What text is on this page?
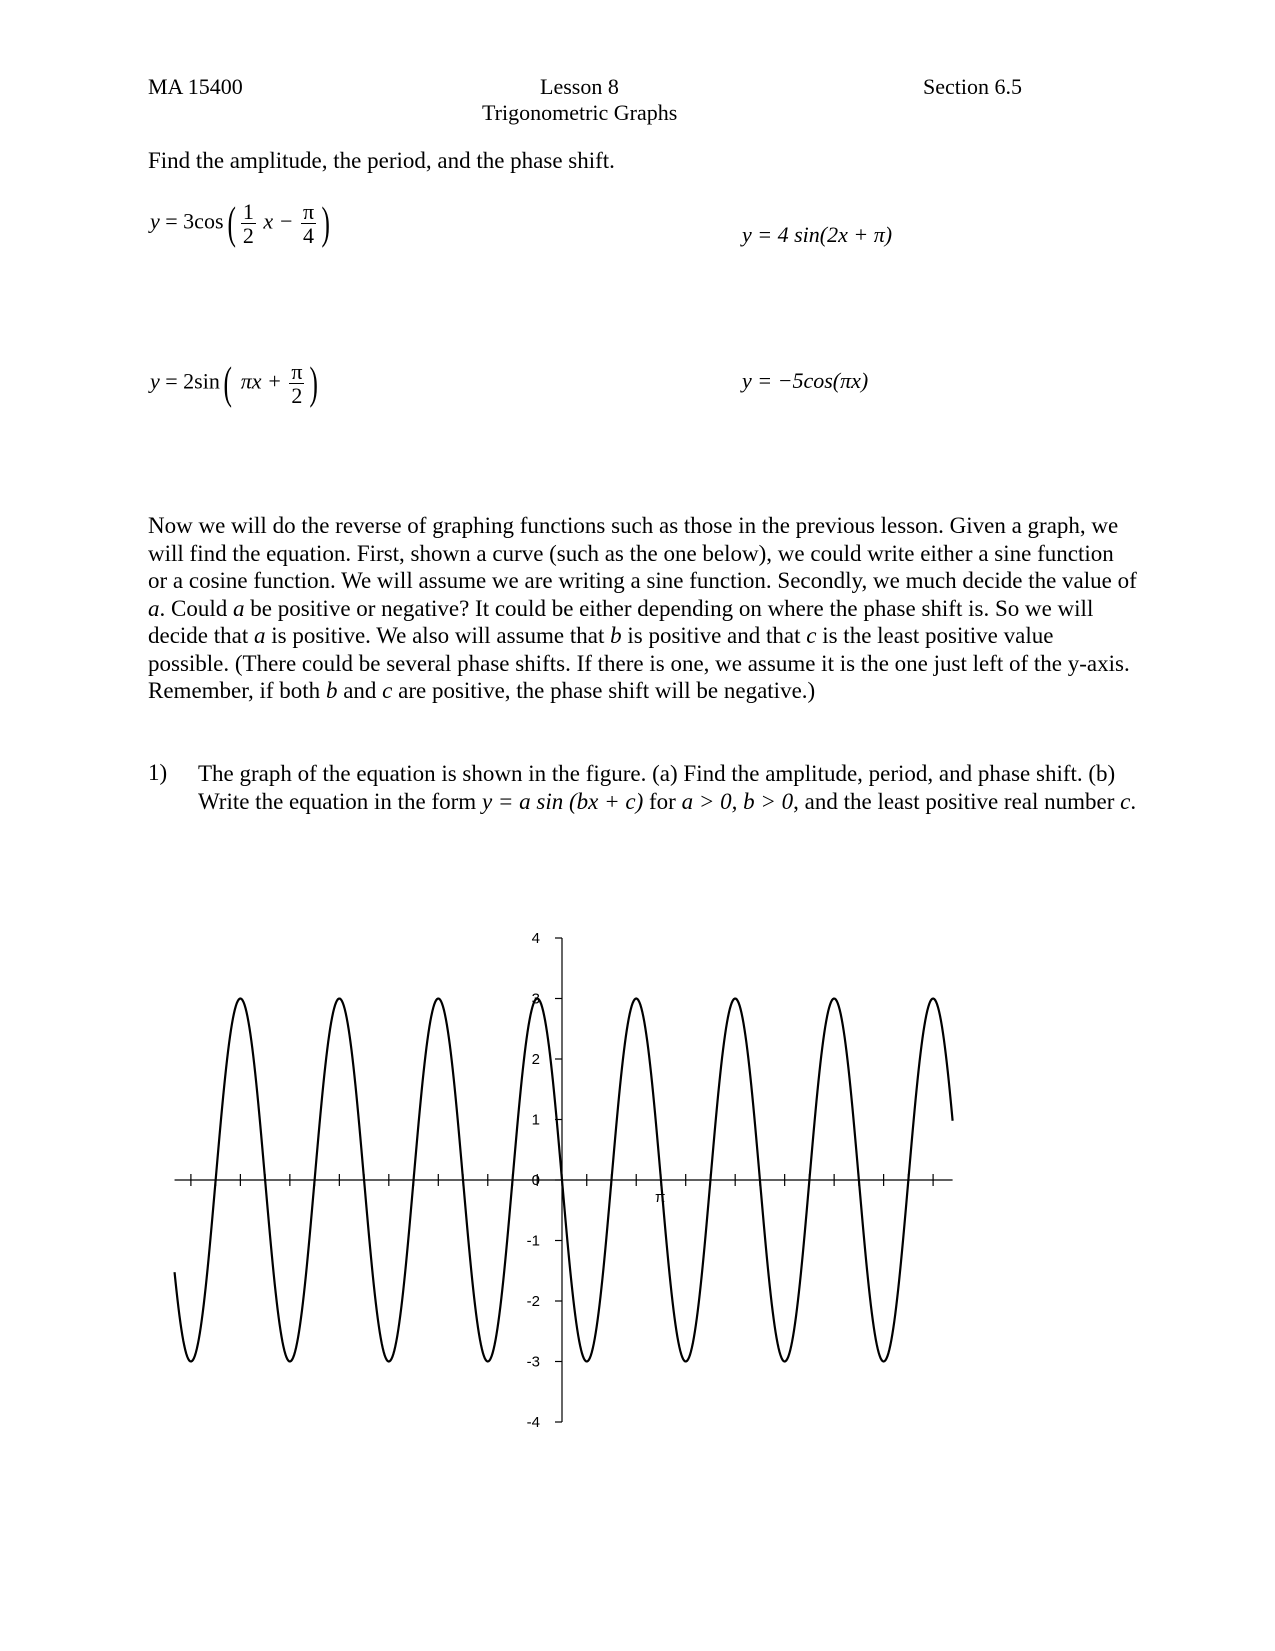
MA 15400	Lesson 8
Trigonometric Graphs
Section 6.5
Find the amplitude, the period, and the phase shift.
$y = 3\cos( \frac{1}{2}$ $x - \frac{\pi}{4}$ )	y = 4 sin(2x + π)
y = 2sin( $\pi x + \frac{\pi}{2}$ )	y = −5cos(πx)
Now we will do the reverse of graphing functions such as those in the previous lesson. Given a graph, we will find the equation. First, shown a curve (such as the one below), we could write either a sine function or a cosine function. We will assume we are writing a sine function. Secondly, we much decide the value of a. Could a be positive or negative? It could be either depending on where the phase shift is. So we will decide that a is positive. We also will assume that b is positive and that c is the least positive value possible. (There could be several phase shifts. If there is one, we assume it is the one just left of the y-axis. Remember, if both b and c are positive, the phase shift will be negative.)
1) The graph of the equation is shown in the figure. (a) Find the amplitude, period, and phase shift. (b) Write the equation in the form y = a sin (bx + c) for a > 0, b > 0, and the least positive real number c.
4
3
2
1
0
-1
-2
-3
-4
π
